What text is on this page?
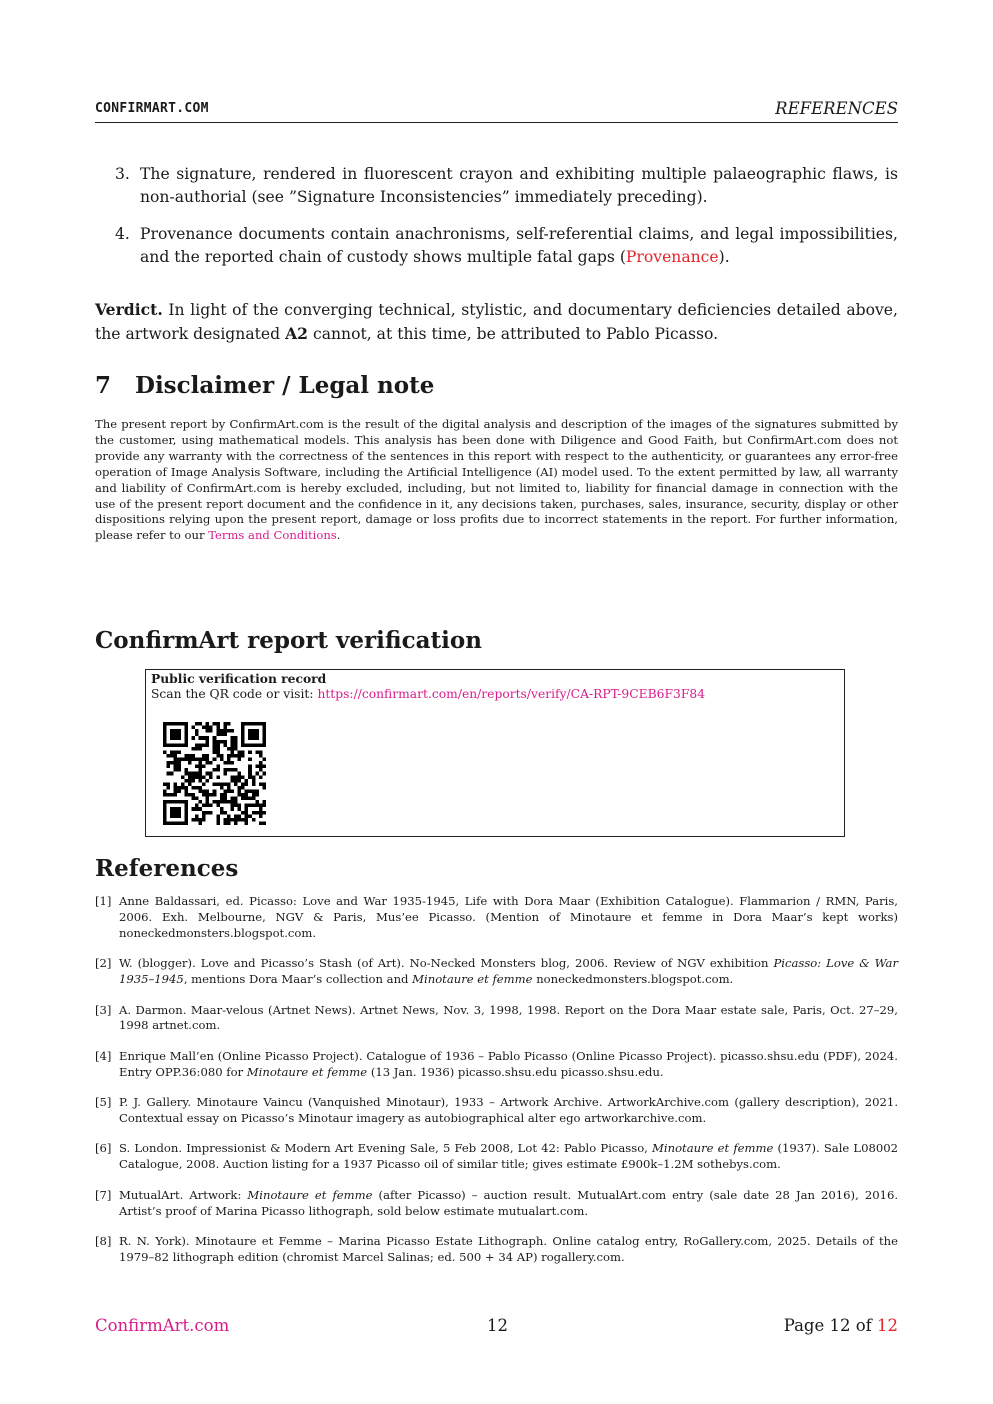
CONFIRMART.COM	REFERENCES
3. The signature, rendered in fluorescent crayon and exhibiting multiple palaeographic flaws, is non-authorial (see ”Signature Inconsistencies” immediately preceding).
4. Provenance documents contain anachronisms, self-referential claims, and legal impossibilities, and the reported chain of custody shows multiple fatal gaps (Provenance).
Verdict. In light of the converging technical, stylistic, and documentary deficiencies detailed above, the artwork designated A2 cannot, at this time, be attributed to Pablo Picasso.
7 Disclaimer / Legal note
The present report by ConfirmArt.com is the result of the digital analysis and description of the images of the signatures submitted by the customer, using mathematical models. This analysis has been done with Diligence and Good Faith, but ConfirmArt.com does not provide any warranty with the correctness of the sentences in this report with respect to the authenticity, or guarantees any error-free operation of Image Analysis Software, including the Artificial Intelligence (AI) model used. To the extent permitted by law, all warranty and liability of ConfirmArt.com is hereby excluded, including, but not limited to, liability for financial damage in connection with the use of the present report document and the confidence in it, any decisions taken, purchases, sales, insurance, security, display or other dispositions relying upon the present report, damage or loss profits due to incorrect statements in the report. For further information, please refer to our Terms and Conditions.
ConfirmArt report verification
Public verification record
Scan the QR code or visit: https://confirmart.com/en/reports/verify/CA-RPT-9CEB6F3F84
References
[1] Anne Baldassari, ed. Picasso: Love and War 1935-1945, Life with Dora Maar (Exhibition Catalogue). Flammarion / RMN, Paris, 2006. Exh. Melbourne, NGV & Paris, Mus’ee Picasso. (Mention of Minotaure et femme in Dora Maar’s kept works) noneckedmonsters.blogspot.com.
[2] W. (blogger). Love and Picasso’s Stash (of Art). No-Necked Monsters blog, 2006. Review of NGV exhibition Picasso: Love & War 1935–1945, mentions Dora Maar’s collection and Minotaure et femme noneckedmonsters.blogspot.com.
[3] A. Darmon. Maar-velous (Artnet News). Artnet News, Nov. 3, 1998, 1998. Report on the Dora Maar estate sale, Paris, Oct. 27–29, 1998 artnet.com.
[4] Enrique Mall’en (Online Picasso Project). Catalogue of 1936 – Pablo Picasso (Online Picasso Project). picasso.shsu.edu (PDF), 2024. Entry OPP.36:080 for Minotaure et femme (13 Jan. 1936) picasso.shsu.edu picasso.shsu.edu.
[5] P. J. Gallery. Minotaure Vaincu (Vanquished Minotaur), 1933 – Artwork Archive. ArtworkArchive.com (gallery description), 2021. Contextual essay on Picasso’s Minotaur imagery as autobiographical alter ego artworkarchive.com.
[6] S. London. Impressionist & Modern Art Evening Sale, 5 Feb 2008, Lot 42: Pablo Picasso, Minotaure et femme (1937). Sale L08002 Catalogue, 2008. Auction listing for a 1937 Picasso oil of similar title; gives estimate £900k–1.2M sothebys.com.
[7] MutualArt. Artwork: Minotaure et femme (after Picasso) – auction result. MutualArt.com entry (sale date 28 Jan 2016), 2016. Artist’s proof of Marina Picasso lithograph, sold below estimate mutualart.com.
[8] R. N. York). Minotaure et Femme – Marina Picasso Estate Lithograph. Online catalog entry, RoGallery.com, 2025. Details of the 1979–82 lithograph edition (chromist Marcel Salinas; ed. 500 + 34 AP) rogallery.com.
ConfirmArt.com	12	Page 12 of 12
